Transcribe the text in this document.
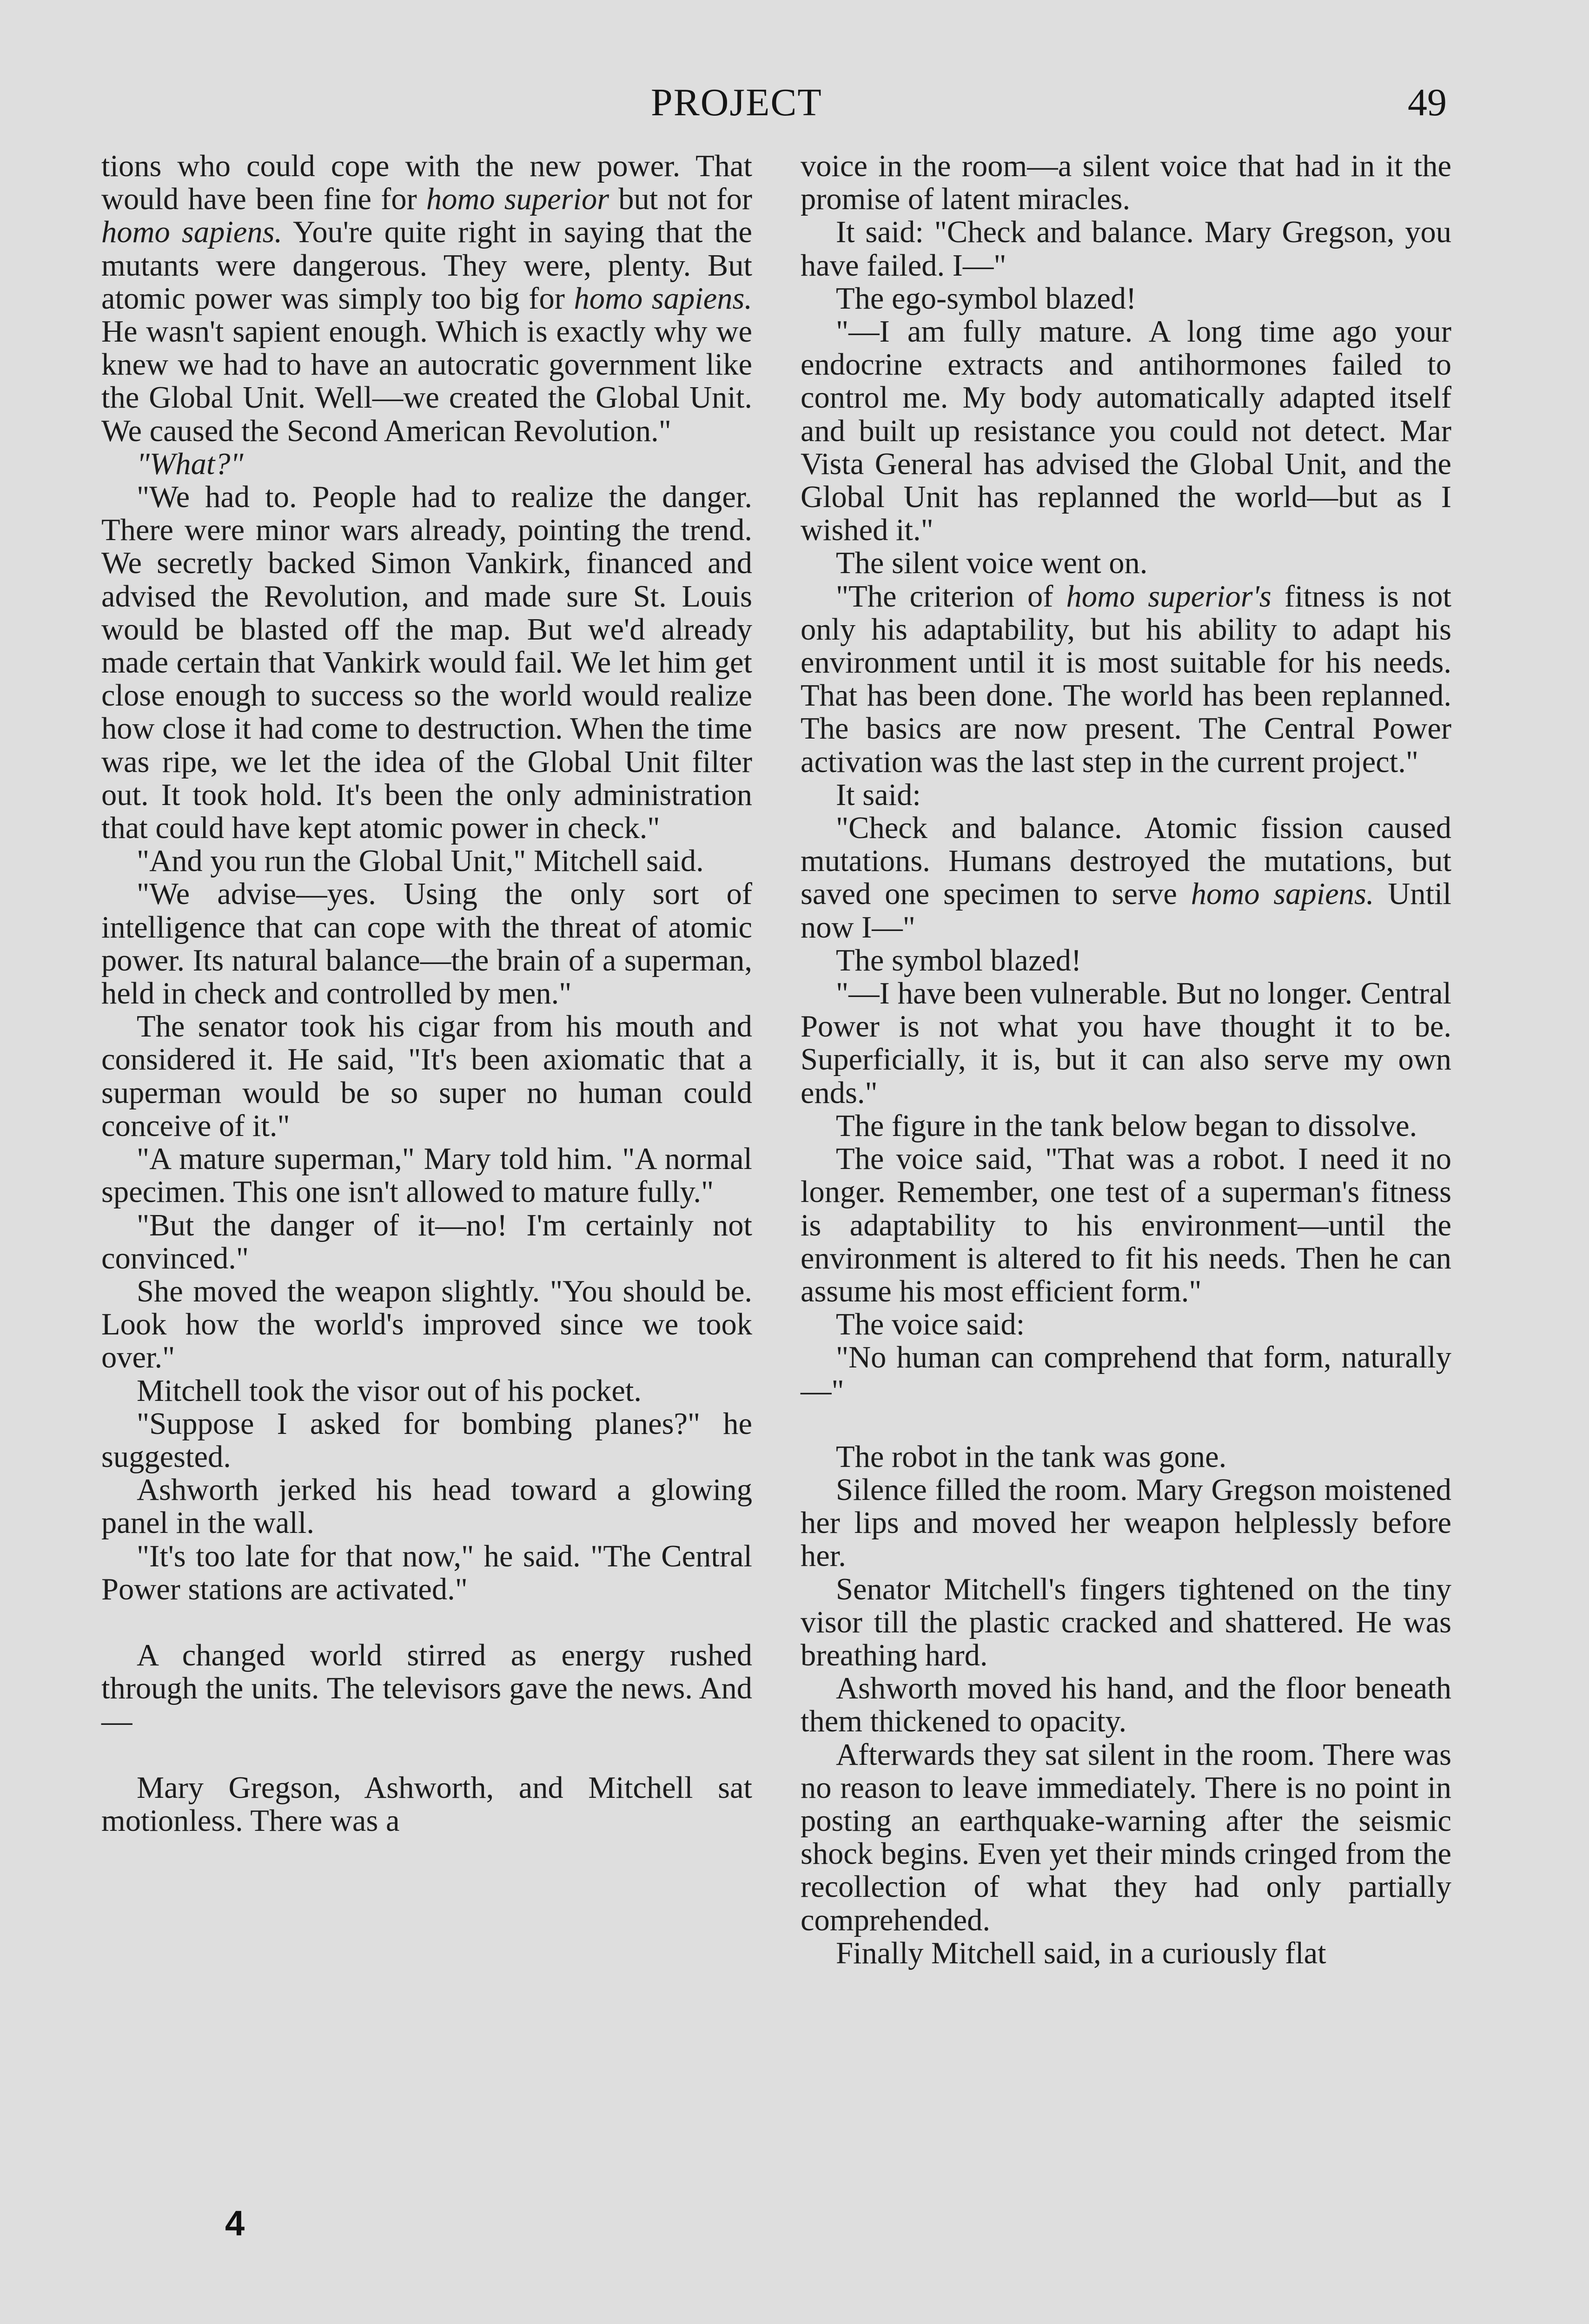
PROJECT	49

tions who could cope with the new power. That would have been fine for homo superior but not for homo sapiens. You're quite right in saying that the mutants were dangerous. They were, plenty. But atomic power was simply too big for homo sapiens. He wasn't sapient enough. Which is exactly why we knew we had to have an autocratic government like the Global Unit. Well—we created the Global Unit. We caused the Second American Revolution."

"What?"

"We had to. People had to realize the danger. There were minor wars already, pointing the trend. We secretly backed Simon Vankirk, financed and advised the Revolution, and made sure St. Louis would be blasted off the map. But we'd already made certain that Vankirk would fail. We let him get close enough to success so the world would realize how close it had come to destruction. When the time was ripe, we let the idea of the Global Unit filter out. It took hold. It's been the only administration that could have kept atomic power in check."

"And you run the Global Unit," Mitchell said.

"We advise—yes. Using the only sort of intelligence that can cope with the threat of atomic power. Its natural balance—the brain of a superman, held in check and controlled by men."

The senator took his cigar from his mouth and considered it. He said, "It's been axiomatic that a superman would be so super no human could conceive of it."

"A mature superman," Mary told him. "A normal specimen. This one isn't allowed to mature fully."

"But the danger of it—no! I'm certainly not convinced."

She moved the weapon slightly. "You should be. Look how the world's improved since we took over."

Mitchell took the visor out of his pocket.

"Suppose I asked for bombing planes?" he suggested.

Ashworth jerked his head toward a glowing panel in the wall.

"It's too late for that now," he said. "The Central Power stations are activated."

A changed world stirred as energy rushed through the units. The televisors gave the news. And—

Mary Gregson, Ashworth, and Mitchell sat motionless. There was a

voice in the room—a silent voice that had in it the promise of latent miracles.

It said: "Check and balance. Mary Gregson, you have failed. I—"

The ego-symbol blazed!

"—I am fully mature. A long time ago your endocrine extracts and antihormones failed to control me. My body automatically adapted itself and built up resistance you could not detect. Mar Vista General has advised the Global Unit, and the Global Unit has replanned the world—but as I wished it."

The silent voice went on.

"The criterion of homo superior's fitness is not only his adaptability, but his ability to adapt his environment until it is most suitable for his needs. That has been done. The world has been replanned. The basics are now present. The Central Power activation was the last step in the current project."

It said:

"Check and balance. Atomic fission caused mutations. Humans destroyed the mutations, but saved one specimen to serve homo sapiens. Until now I—"

The symbol blazed!

"—I have been vulnerable. But no longer. Central Power is not what you have thought it to be. Superficially, it is, but it can also serve my own ends."

The figure in the tank below began to dissolve.

The voice said, "That was a robot. I need it no longer. Remember, one test of a superman's fitness is adaptability to his environment—until the environment is altered to fit his needs. Then he can assume his most efficient form."

The voice said:

"No human can comprehend that form, naturally—"

The robot in the tank was gone.

Silence filled the room. Mary Gregson moistened her lips and moved her weapon helplessly before her.

Senator Mitchell's fingers tightened on the tiny visor till the plastic cracked and shattered. He was breathing hard.

Ashworth moved his hand, and the floor beneath them thickened to opacity.

Afterwards they sat silent in the room. There was no reason to leave immediately. There is no point in posting an earthquake-warning after the seismic shock begins. Even yet their minds cringed from the recollection of what they had only partially comprehended.

Finally Mitchell said, in a curiously flat

4
